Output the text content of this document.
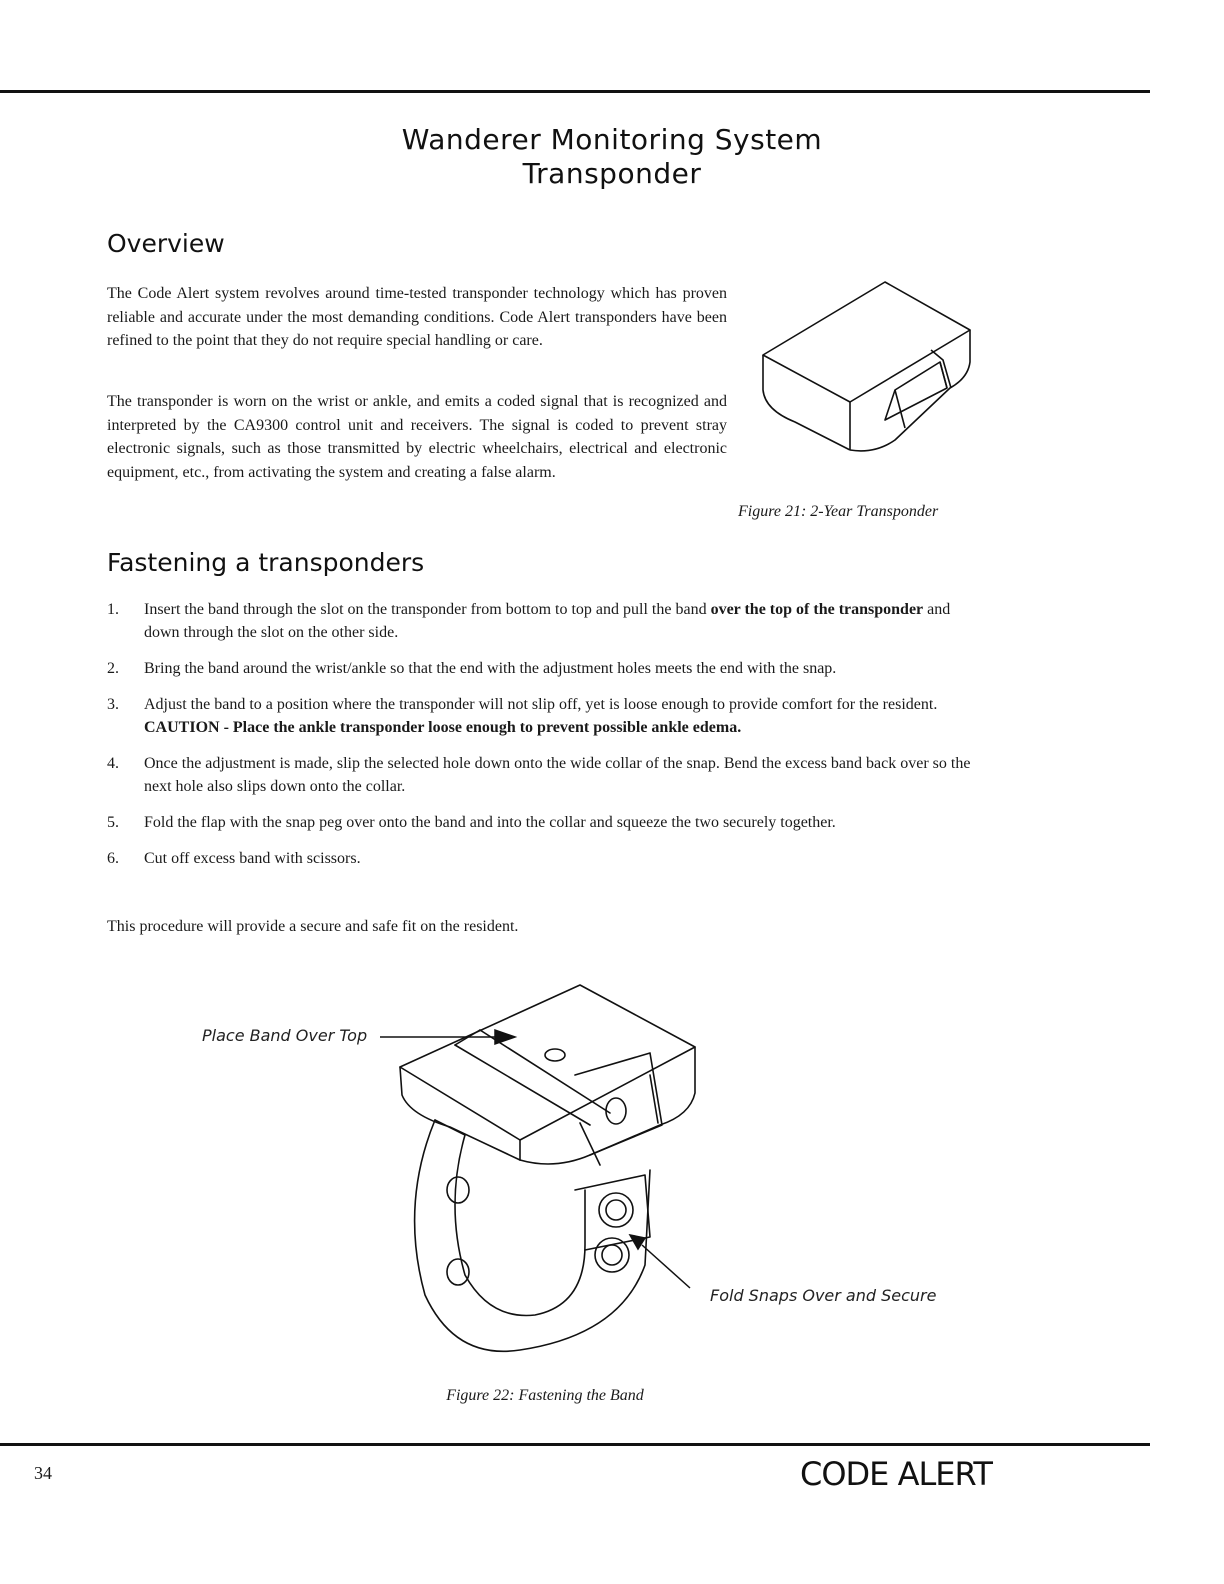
Wanderer Monitoring System
Transponder
Overview

The Code Alert system revolves around time-tested transponder technology which has proven reliable and accurate under the most demanding conditions. Code Alert transponders have been refined to the point that they do not require special handling or care.

The transponder is worn on the wrist or ankle, and emits a coded signal that is recognized and interpreted by the CA9300 control unit and receivers. The signal is coded to prevent stray electronic signals, such as those transmitted by electric wheelchairs, electrical and electronic equipment, etc., from activating the system and creating a false alarm.

Figure 21: 2-Year Transponder
Fastening a transponders
1. Insert the band through the slot on the transponder from bottom to top and pull the band over the top of the transponder and down through the slot on the other side.
2. Bring the band around the wrist/ankle so that the end with the adjustment holes meets the end with the snap.
3. Adjust the band to a position where the transponder will not slip off, yet is loose enough to provide comfort for the resident. CAUTION - Place the ankle transponder loose enough to prevent possible ankle edema.
4. Once the adjustment is made, slip the selected hole down onto the wide collar of the snap. Bend the excess band back over so the next hole also slips down onto the collar.
5. Fold the flap with the snap peg over onto the band and into the collar and squeeze the two securely together.
6. Cut off excess band with scissors.

This procedure will provide a secure and safe fit on the resident.

Place Band Over Top
Fold Snaps Over and Secure
Figure 22: Fastening the Band
34	CODE ALERT
